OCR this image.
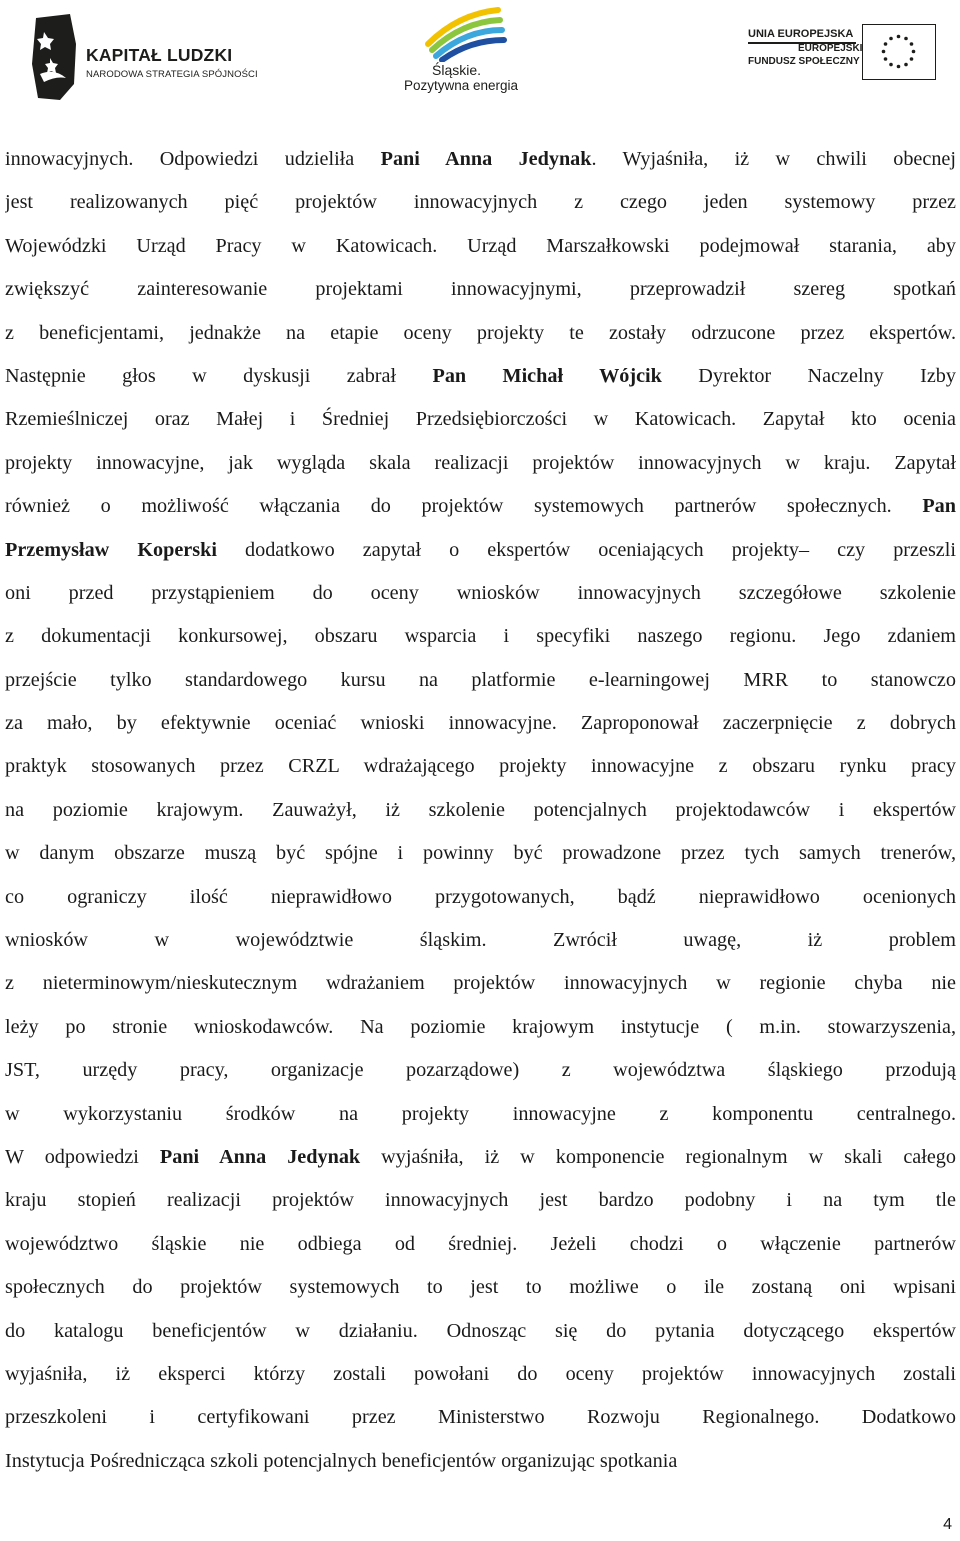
KAPITAŁ LUDZKI
NARODOWA STRATEGIA SPÓJNOŚCI	Śląskie.
Pozytywna energia
UNIA EUROPEJSKA
EUROPEJSKI
FUNDUSZ SPOŁECZNY
innowacyjnych. Odpowiedzi udzieliła Pani Anna Jedynak. Wyjaśniła, iż w chwili obecnej
jest realizowanych pięć projektów innowacyjnych z czego jeden systemowy przez
Wojewódzki Urząd Pracy w Katowicach. Urząd Marszałkowski podejmował starania, aby
zwiększyć zainteresowanie projektami innowacyjnymi, przeprowadził szereg spotkań
z beneficjentami, jednakże na etapie oceny projekty te zostały odrzucone przez ekspertów.
Następnie głos w dyskusji zabrał Pan Michał Wójcik Dyrektor Naczelny Izby
Rzemieślniczej oraz Małej i Średniej Przedsiębiorczości w Katowicach. Zapytał kto ocenia
projekty innowacyjne, jak wygląda skala realizacji projektów innowacyjnych w kraju. Zapytał
również o możliwość włączania do projektów systemowych partnerów społecznych. Pan
Przemysław Koperski dodatkowo zapytał o ekspertów oceniających projekty– czy przeszli
oni przed przystąpieniem do oceny wniosków innowacyjnych szczegółowe szkolenie
z dokumentacji konkursowej, obszaru wsparcia i specyfiki naszego regionu. Jego zdaniem
przejście tylko standardowego kursu na platformie e-learningowej MRR to stanowczo
za mało, by efektywnie oceniać wnioski innowacyjne. Zaproponował zaczerpnięcie z dobrych
praktyk stosowanych przez CRZL wdrażającego projekty innowacyjne z obszaru rynku pracy
na poziomie krajowym. Zauważył, iż szkolenie potencjalnych projektodawców i ekspertów
w danym obszarze muszą być spójne i powinny być prowadzone przez tych samych trenerów,
co ograniczy ilość nieprawidłowo przygotowanych, bądź nieprawidłowo ocenionych
wniosków w województwie śląskim. Zwrócił uwagę, iż problem
z nieterminowym/nieskutecznym wdrażaniem projektów innowacyjnych w regionie chyba nie
leży po stronie wnioskodawców. Na poziomie krajowym instytucje ( m.in. stowarzyszenia,
JST, urzędy pracy, organizacje pozarządowe) z województwa śląskiego przodują
w wykorzystaniu środków na projekty innowacyjne z komponentu centralnego.
W odpowiedzi Pani Anna Jedynak wyjaśniła, iż w komponencie regionalnym w skali całego
kraju stopień realizacji projektów innowacyjnych jest bardzo podobny i na tym tle
województwo śląskie nie odbiega od średniej. Jeżeli chodzi o włączenie partnerów
społecznych do projektów systemowych to jest to możliwe o ile zostaną oni wpisani
do katalogu beneficjentów w działaniu. Odnosząc się do pytania dotyczącego ekspertów
wyjaśniła, iż eksperci którzy zostali powołani do oceny projektów innowacyjnych zostali
przeszkoleni i certyfikowani przez Ministerstwo Rozwoju Regionalnego. Dodatkowo
Instytucja Pośrednicząca szkoli potencjalnych beneficjentów organizując spotkania
4
